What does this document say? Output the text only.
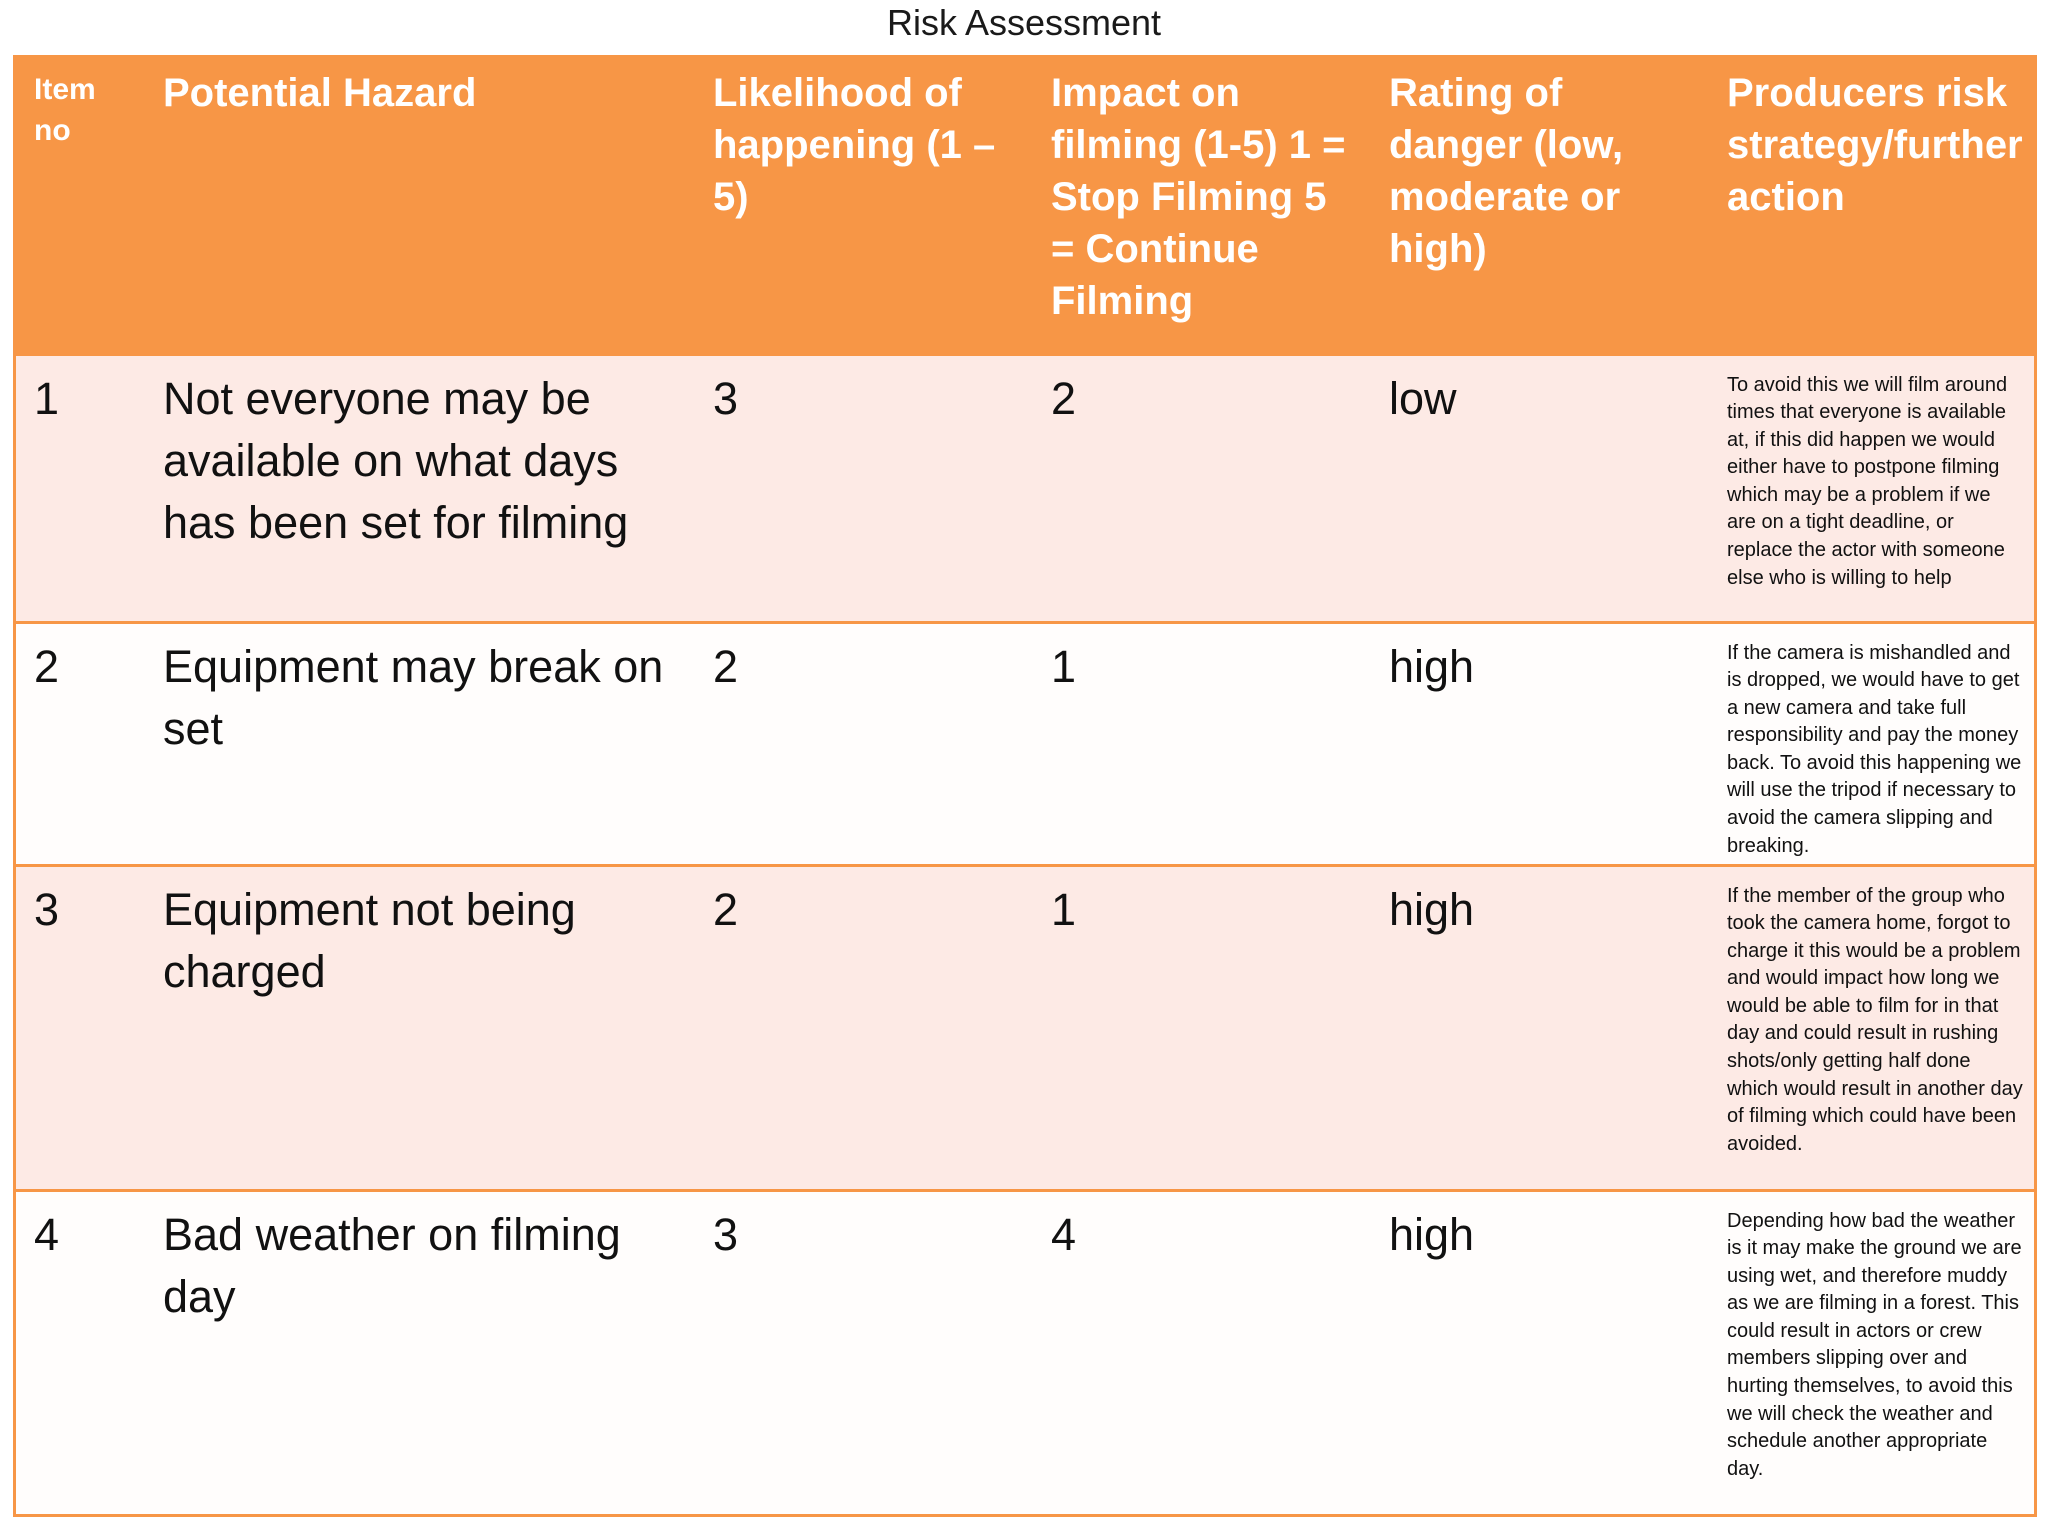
Risk Assessment
Item no	Potential Hazard	Likelihood of happening (1 – 5)	Impact on filming (1-5) 1 = Stop Filming 5 = Continue Filming	Rating of danger (low, moderate or high)	Producers risk strategy/further action
1	Not everyone may be available on what days has been set for filming	3	2	low	To avoid this we will film around times that everyone is available at, if this did happen we would either have to postpone filming which may be a problem if we are on a tight deadline, or replace the actor with someone else who is willing to help
2	Equipment may break on set	2	1	high	If the camera is mishandled and is dropped, we would have to get a new camera and take full responsibility and pay the money back. To avoid this happening we will use the tripod if necessary to avoid the camera slipping and breaking.
3	Equipment not being charged	2	1	high	If the member of the group who took the camera home, forgot to charge it this would be a problem and would impact how long we would be able to film for in that day and could result in rushing shots/only getting half done which would result in another day of filming which could have been avoided.
4	Bad weather on filming day	3	4	high	Depending how bad the weather is it may make the ground we are using wet, and therefore muddy as we are filming in a forest. This could result in actors or crew members slipping over and hurting themselves, to avoid this we will check the weather and schedule another appropriate day.
